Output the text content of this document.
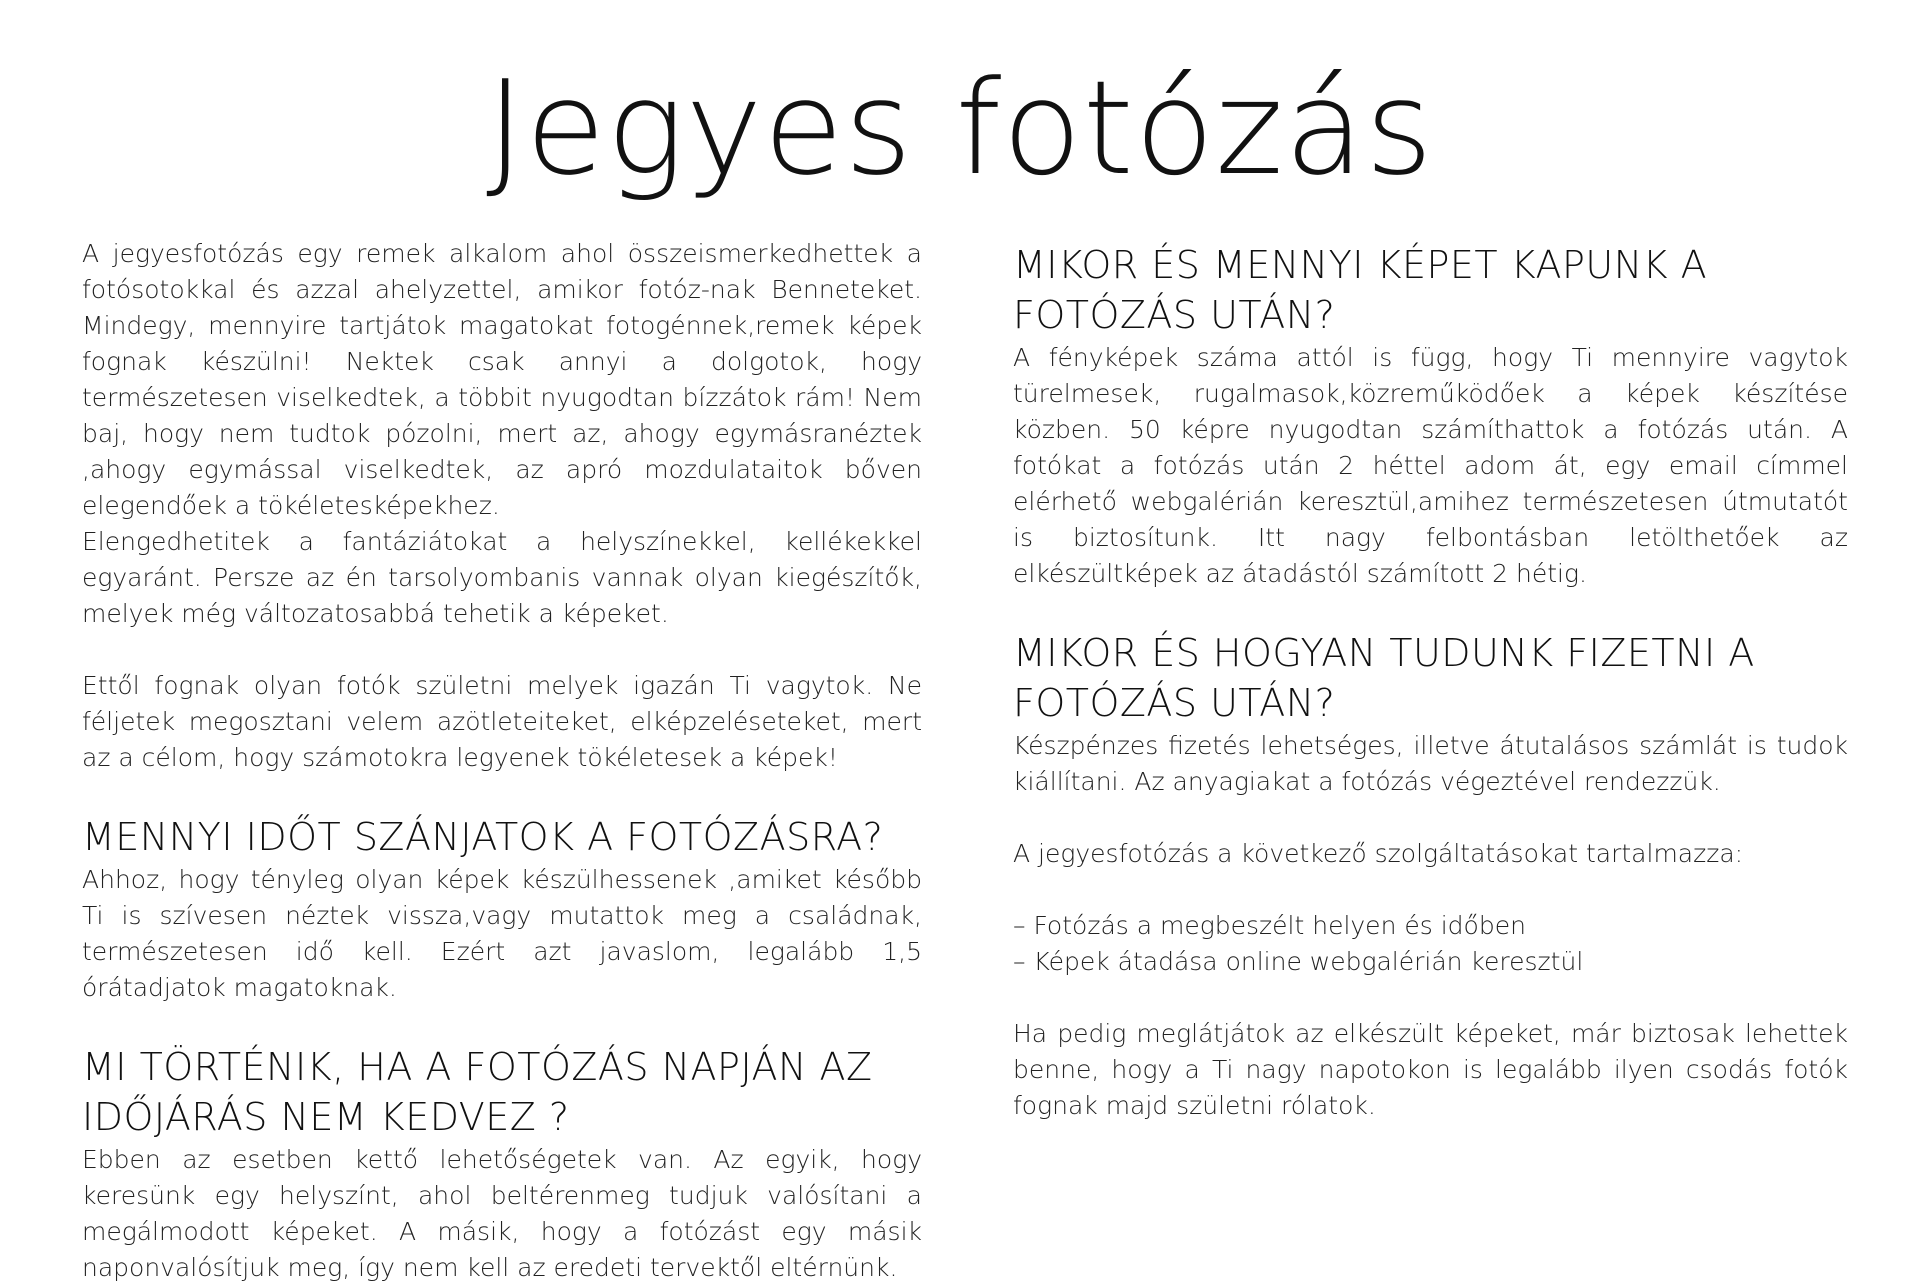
Jegyes fotózás

A jegyesfotózás egy remek alkalom ahol összeismerkedhettek a fotósotokkal és azzal ahelyzettel, amikor fotóz-nak Benneteket. Mindegy, mennyire tartjátok magatokat fotogénnek,remek képek fognak készülni! Nektek csak annyi a dolgotok, hogy természetesen viselkedtek, a többit nyugodtan bízzátok rám! Nem baj, hogy nem tudtok pózolni, mert az, ahogy egymásranéztek ,ahogy egymással viselkedtek, az apró mozdulataitok bőven elegendőek a tökéletesképekhez.

Elengedhetitek a fantáziátokat a helyszínekkel, kellékekkel egyaránt. Persze az én tarsolyombanis vannak olyan kiegészítők, melyek még változatosabbá tehetik a képeket.

Ettől fognak olyan fotók születni melyek igazán Ti vagytok. Ne féljetek megosztani velem azötleteiteket, elképzeléseteket, mert az a célom, hogy számotokra legyenek tökéletesek a képek!

MENNYI IDŐT SZÁNJATOK A FOTÓZÁSRA?

Ahhoz, hogy tényleg olyan képek készülhessenek ,amiket később Ti is szívesen néztek vissza,vagy mutattok meg a családnak, természetesen idő kell. Ezért azt javaslom, legalább 1,5 órátadjatok magatoknak.

MI TÖRTÉNIK, HA A FOTÓZÁS NAPJÁN AZ IDŐJÁRÁS NEM KEDVEZ ?

Ebben az esetben kettő lehetőségetek van. Az egyik, hogy keresünk egy helyszínt, ahol beltérenmeg tudjuk valósítani a megálmodott képeket. A másik, hogy a fotózást egy másik naponvalósítjuk meg, így nem kell az eredeti tervektől eltérnünk.

MIKOR ÉS MENNYI KÉPET KAPUNK A FOTÓZÁS UTÁN?

A fényképek száma attól is függ, hogy Ti mennyire vagytok türelmesek, rugalmasok,közreműködőek a képek készítése közben. 50 képre nyugodtan számíthattok a fotózás után. A fotókat a fotózás után 2 héttel adom át, egy email címmel elérhető webgalérián keresztül,amihez természetesen útmutatót is biztosítunk. Itt nagy felbontásban letölthetőek az elkészültképek az átadástól számított 2 hétig.

MIKOR ÉS HOGYAN TUDUNK FIZETNI A FOTÓZÁS UTÁN?

Készpénzes fizetés lehetséges, illetve átutalásos számlát is tudok kiállítani. Az anyagiakat a fotózás végeztével rendezzük.

A jegyesfotózás a következő szolgáltatásokat tartalmazza:

– Fotózás a megbeszélt helyen és időben

– Képek átadása online webgalérián keresztül

Ha pedig meglátjátok az elkészült képeket, már biztosak lehettek benne, hogy a Ti nagy napotokon is legalább ilyen csodás fotók fognak majd születni rólatok.
